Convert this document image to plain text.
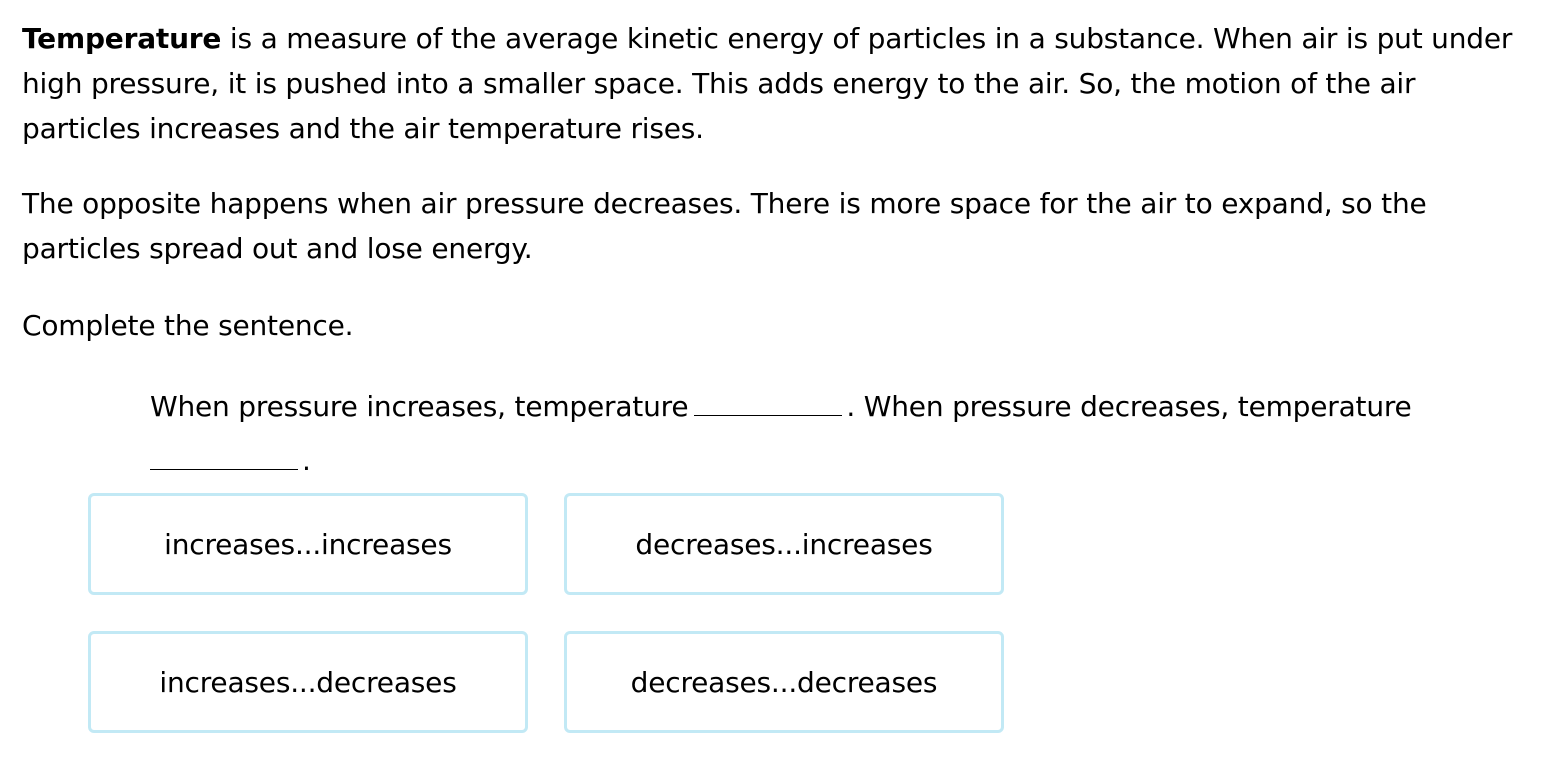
Temperature is a measure of the average kinetic energy of particles in a substance. When air is put under high pressure, it is pushed into a smaller space. This adds energy to the air. So, the motion of the air particles increases and the air temperature rises.

The opposite happens when air pressure decreases. There is more space for the air to expand, so the particles spread out and lose energy.

Complete the sentence.

When pressure increases, temperature	. When pressure decreases, temperature
.

increases...increases	decreases...increases
increases...decreases	decreases...decreases
